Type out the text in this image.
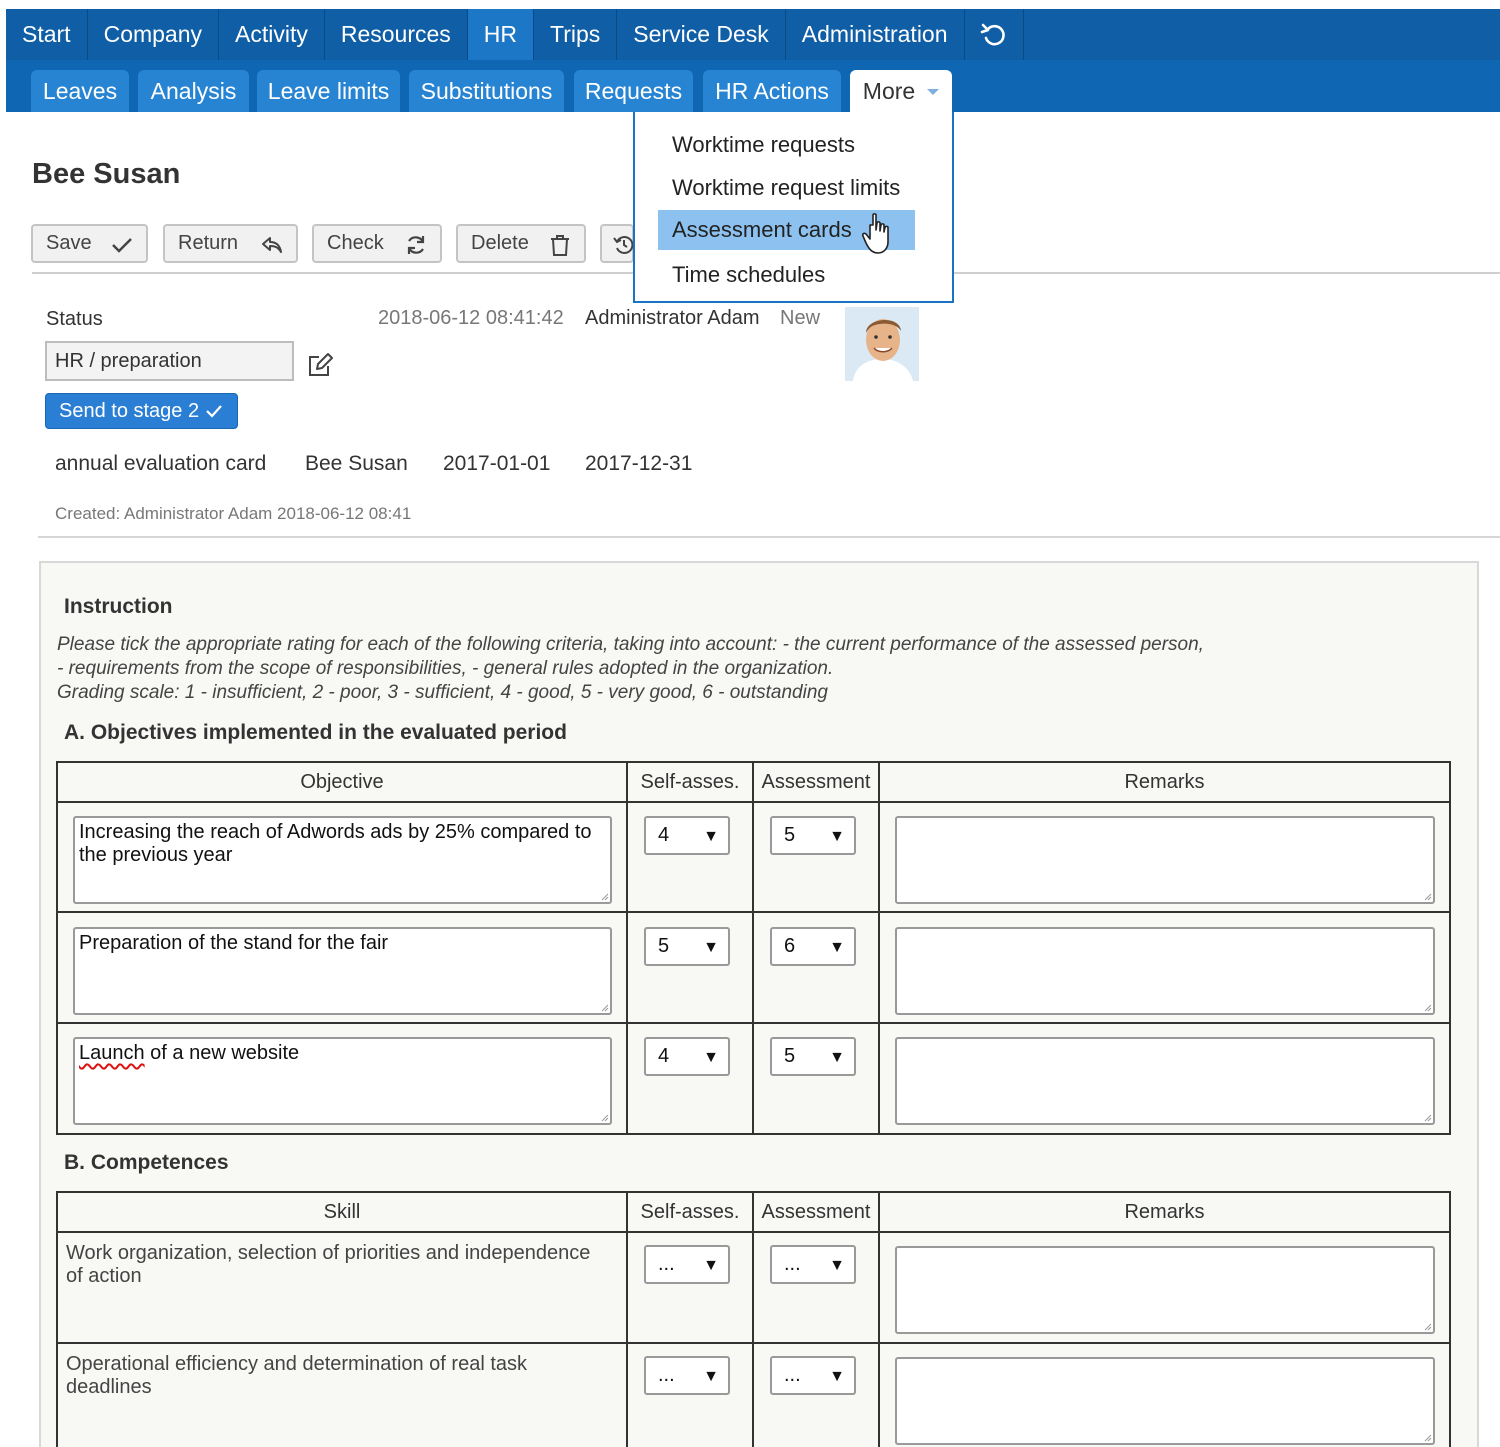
Start	Company	Activity	Resources	HR	Trips	Service Desk	Administration
Leaves	Analysis	Leave limits	Substitutions	Requests	HR Actions	More
Worktime requests
Worktime request limits
Assessment cards
Time schedules
Bee Susan
Save	Return	Check	Delete
Status	2018-06-12 08:41:42 Administrator Adam New
HR / preparation
Send to stage 2
annual evaluation card Bee Susan 2017-01-01 2017-12-31
Created: Administrator Adam 2018-06-12 08:41
Instruction
Please tick the appropriate rating for each of the following criteria, taking into account: - the current performance of the assessed person,
- requirements from the scope of responsibilities, - general rules adopted in the organization.
Grading scale: 1 - insufficient, 2 - poor, 3 - sufficient, 4 - good, 5 - very good, 6 - outstanding
A. Objectives implemented in the evaluated period
Objective	Self-asses.	Assessment	Remarks
Increasing the reach of Adwords ads by 25% compared to
the previous year
4 ▼	5 ▼
Preparation of the stand for the fair	5 ▼	6 ▼
Launch of a new website	4 ▼	5 ▼
B. Competences
Skill	Self-asses.	Assessment	Remarks
Work organization, selection of priorities and independence
of action
... ▼	... ▼
Operational efficiency and determination of real task
deadlines
... ▼	... ▼
